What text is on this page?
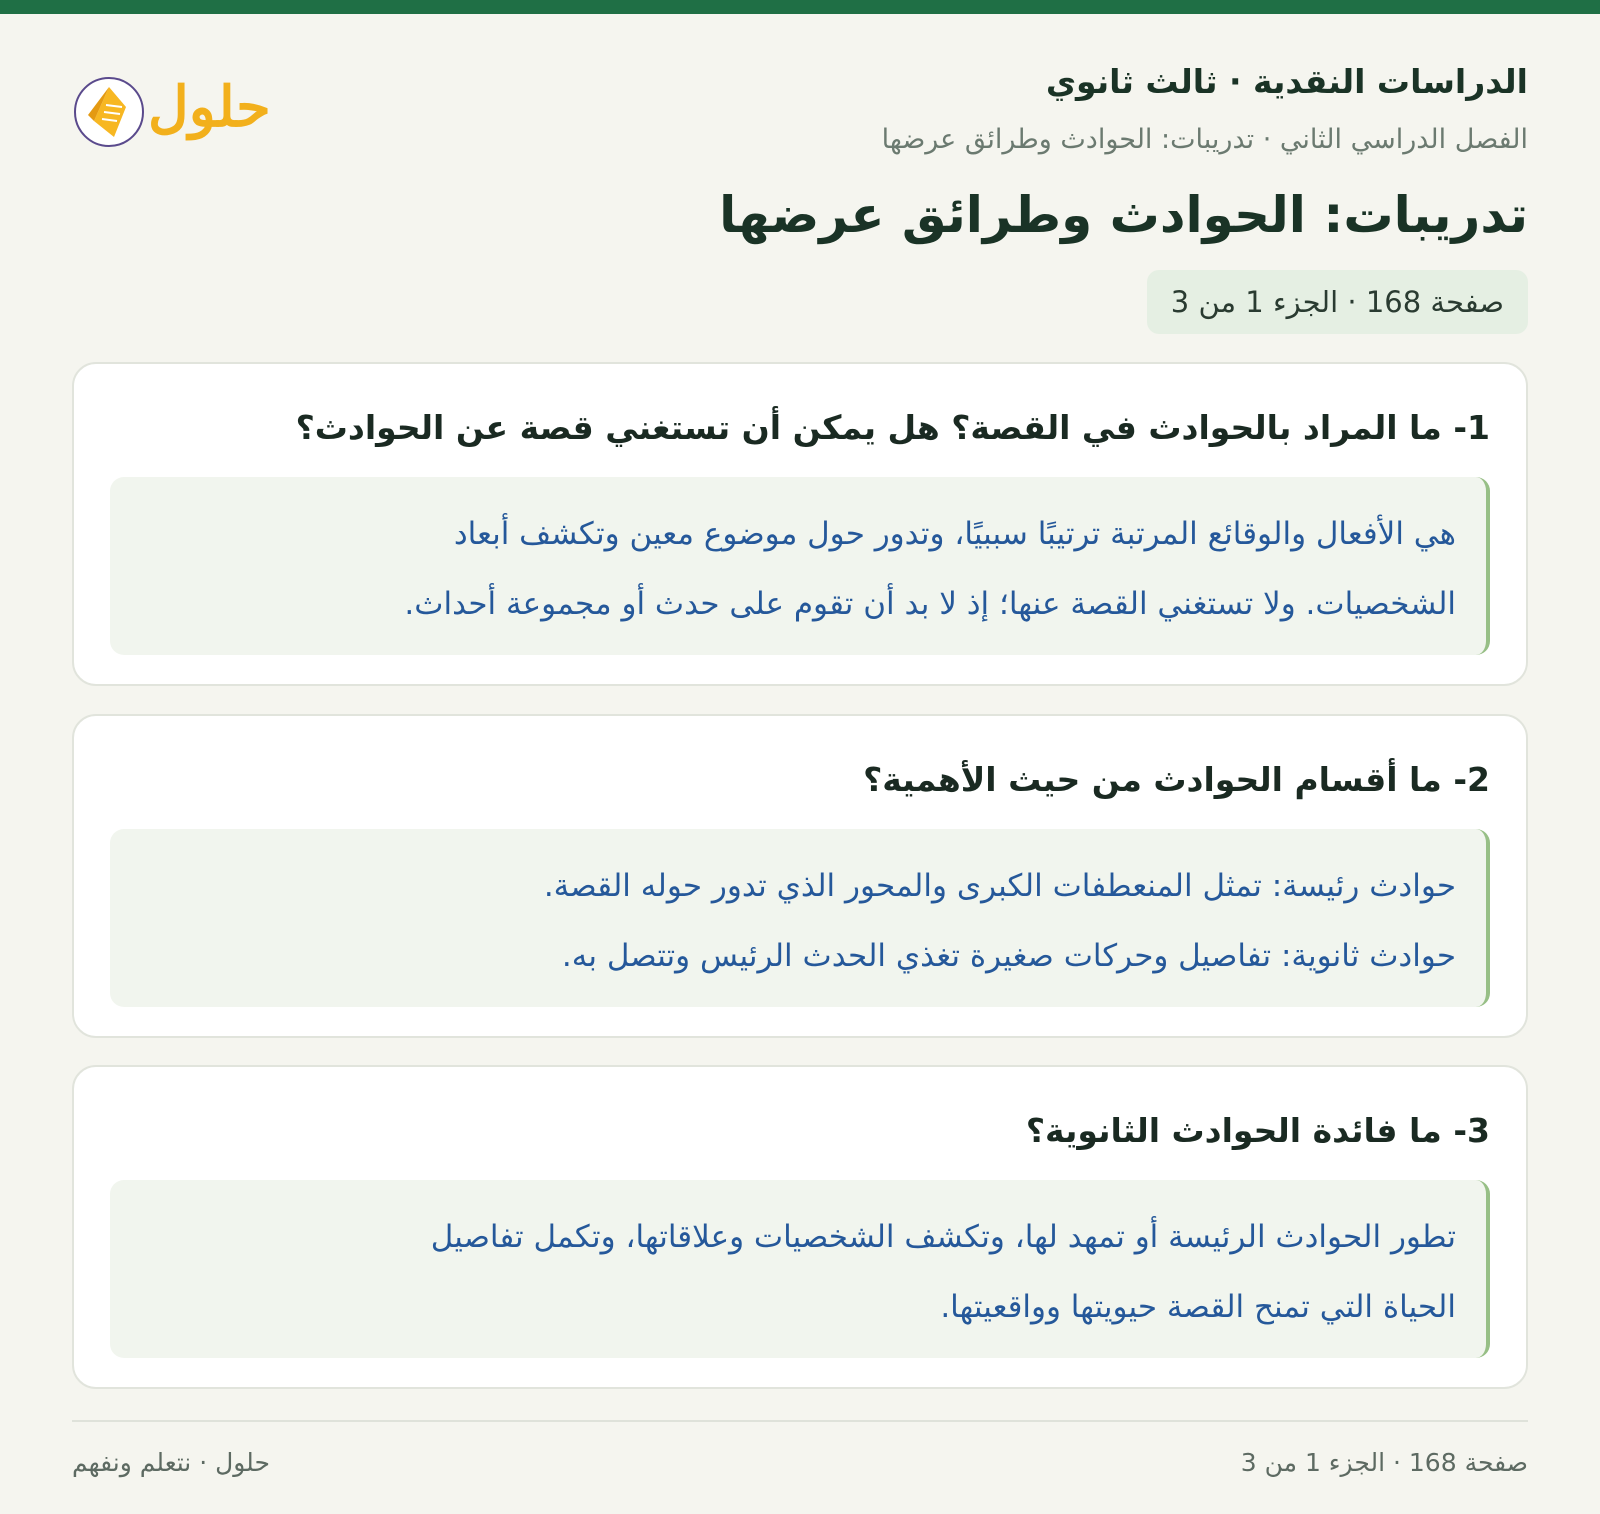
الدراسات النقدية · ثالث ثانوي
الفصل الدراسي الثاني · تدريبات: الحوادث وطرائق عرضها
تدريبات: الحوادث وطرائق عرضها
صفحة 168 · الجزء 1 من 3
حلول
1- ما المراد بالحوادث في القصة؟ هل يمكن أن تستغني قصة عن الحوادث؟

هي الأفعال والوقائع المرتبة ترتيبًا سببيًا، وتدور حول موضوع معين وتكشف أبعاد

الشخصيات. ولا تستغني القصة عنها؛ إذ لا بد أن تقوم على حدث أو مجموعة أحداث.

2- ما أقسام الحوادث من حيث الأهمية؟

حوادث رئيسة: تمثل المنعطفات الكبرى والمحور الذي تدور حوله القصة.

حوادث ثانوية: تفاصيل وحركات صغيرة تغذي الحدث الرئيس وتتصل به.

3- ما فائدة الحوادث الثانوية؟

تطور الحوادث الرئيسة أو تمهد لها، وتكشف الشخصيات وعلاقاتها، وتكمل تفاصيل

الحياة التي تمنح القصة حيويتها وواقعيتها.

صفحة 168 · الجزء 1 من 3
حلول · نتعلم ونفهم
